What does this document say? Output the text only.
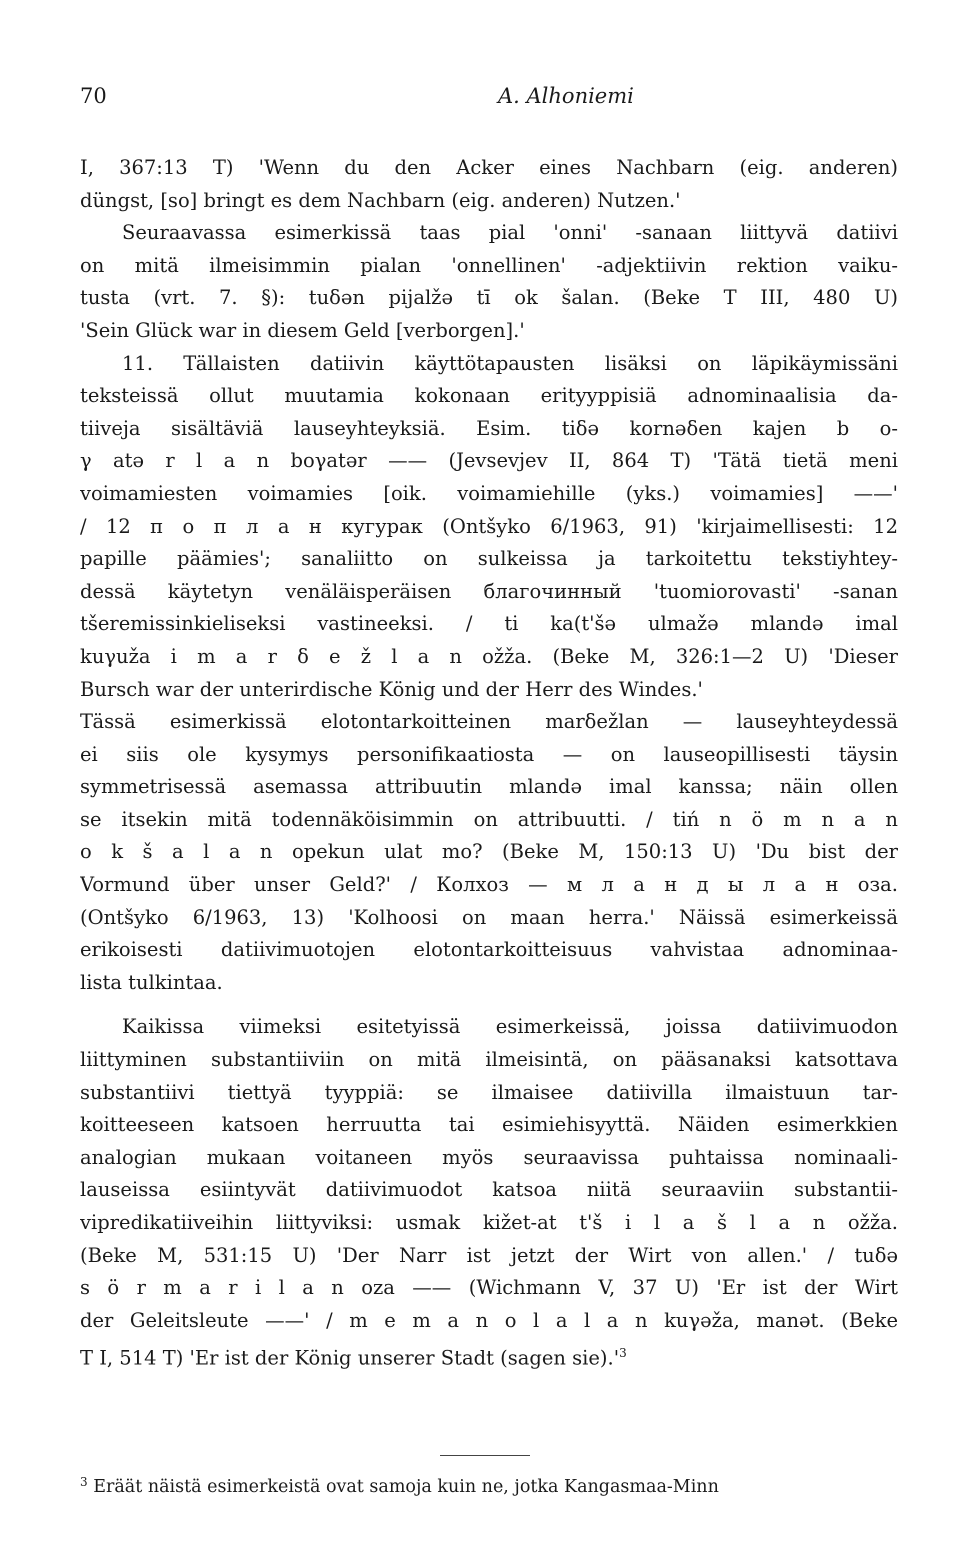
70	A. Alhoniemi
I, 367:13 T) 'Wenn du den Acker eines Nachbarn (eig. anderen)
düngst, [so] bringt es dem Nachbarn (eig. anderen) Nutzen.'
Seuraavassa esimerkissä taas pial 'onni' -sanaan liittyvä datiivi
on mitä ilmeisimmin pialan 'onnellinen' -adjektiivin rektion vaiku-
tusta (vrt. 7. §): tuδən pijalžə tī ok šalan. (Beke T III, 480 U)
'Sein Glück war in diesem Geld [verborgen].'
11. Tällaisten datiivin käyttötapausten lisäksi on läpikäymissäni
teksteissä ollut muutamia kokonaan erityyppisiä adnominaalisia da-
tiiveja sisältäviä lauseyhteyksiä. Esim. tiδə kornəδen kajen b o-
γ atə r l a n boγatər —— (Jevsevjev II, 864 T) 'Tätä tietä meni
voimamiesten voimamies [oik. voimamiehille (yks.) voimamies] ——'
/ 12 п о п л а н кугурак (Ontšyko 6/1963, 91) 'kirjaimellisesti: 12
papille päämies'; sanaliitto on sulkeissa ja tarkoitettu tekstiyhtey-
dessä käytetyn venäläisperäisen благочинный 'tuomiorovasti' -sanan
tšeremissinkieliseksi vastineeksi. / ti ka(t'šə ulmažə mlandə imal
kuγuža i m a r δ e ž l a n ožža. (Beke M, 326:1—2 U) 'Dieser
Bursch war der unterirdische König und der Herr des Windes.'
Tässä esimerkissä elotontarkoitteinen marδežlan — lauseyhteydessä
ei siis ole kysymys personifikaatiosta — on lauseopillisesti täysin
symmetrisessä asemassa attribuutin mlandə imal kanssa; näin ollen
se itsekin mitä todennäköisimmin on attribuutti. / tiń n ö m n a n
o k š a l a n opekun ulat mo? (Beke M, 150:13 U) 'Du bist der
Vormund über unser Geld?' / Колхоз — м л а н д ы л а н оза.
(Ontšyko 6/1963, 13) 'Kolhoosi on maan herra.' Näissä esimerkeissä
erikoisesti datiivimuotojen elotontarkoitteisuus vahvistaa adnominaa-
lista tulkintaa.
Kaikissa viimeksi esitetyissä esimerkeissä, joissa datiivimuodon
liittyminen substantiiviin on mitä ilmeisintä, on pääsanaksi katsottava
substantiivi tiettyä tyyppiä: se ilmaisee datiivilla ilmaistuun tar-
koitteeseen katsoen herruutta tai esimiehisyyttä. Näiden esimerkkien
analogian mukaan voitaneen myös seuraavissa puhtaissa nominaali-
lauseissa esiintyvät datiivimuodot katsoa niitä seuraaviin substantii-
vipredikatiiveihin liittyviksi: usmak kižet-at t'š i l a š l a n ožža.
(Beke M, 531:15 U) 'Der Narr ist jetzt der Wirt von allen.' / tuδə
s ö r m a r i l a n oza —— (Wichmann V, 37 U) 'Er ist der Wirt
der Geleitsleute ——' / m e m a n o l a l a n kuγəža, manət. (Beke
T I, 514 T) 'Er ist der König unserer Stadt (sagen $sie).'^3$
$^3$ Eräät näistä esimerkeistä ovat samoja kuin ne, jotka Kangasmaa-Minn
